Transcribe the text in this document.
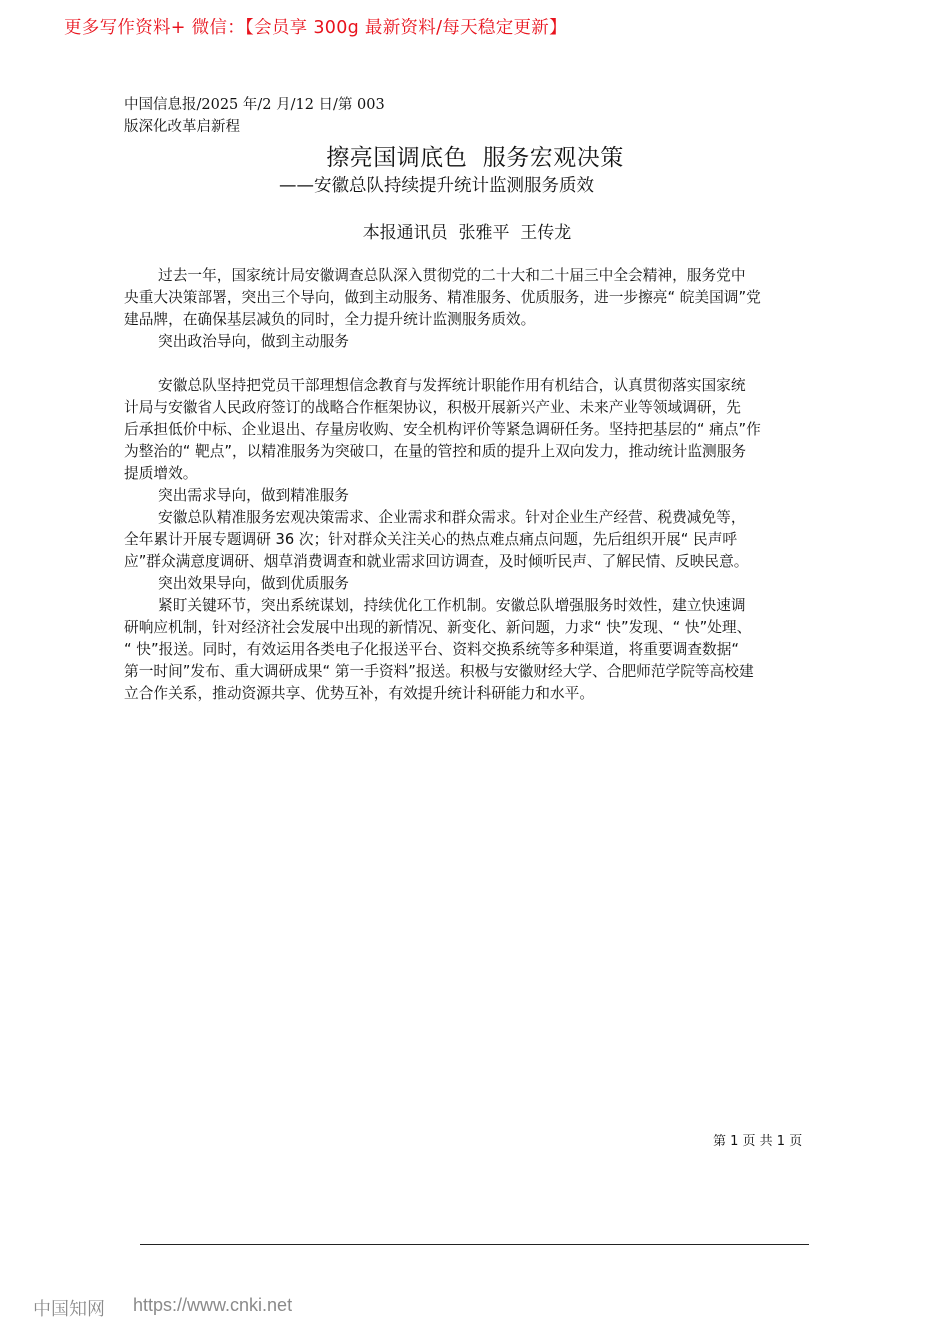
更多写作资料+ 微信：【会员享 300g 最新资料/每天稳定更新】
中国信息报/2025 年/2 月/12 日/第 003
版深化改革启新程
擦亮国调底色  服务宏观决策
——安徽总队持续提升统计监测服务质效
本报通讯员  张雅平  王传龙
过去一年，国家统计局安徽调查总队深入贯彻党的二十大和二十届三中全会精神，服务党中
央重大决策部署，突出三个导向，做到主动服务、精准服务、优质服务，进一步擦亮“ 皖美国调”党
建品牌，在确保基层减负的同时，全力提升统计监测服务质效。
突出政治导向，做到主动服务
安徽总队坚持把党员干部理想信念教育与发挥统计职能作用有机结合，认真贯彻落实国家统
计局与安徽省人民政府签订的战略合作框架协议，积极开展新兴产业、未来产业等领域调研，先
后承担低价中标、企业退出、存量房收购、安全机构评价等紧急调研任务。坚持把基层的“ 痛点”作
为整治的“ 靶点”，以精准服务为突破口，在量的管控和质的提升上双向发力，推动统计监测服务
提质增效。
突出需求导向，做到精准服务
安徽总队精准服务宏观决策需求、企业需求和群众需求。针对企业生产经营、税费减免等，
全年累计开展专题调研 36 次；针对群众关注关心的热点难点痛点问题，先后组织开展“ 民声呼
应”群众满意度调研、烟草消费调查和就业需求回访调查，及时倾听民声、了解民情、反映民意。
突出效果导向，做到优质服务
紧盯关键环节，突出系统谋划，持续优化工作机制。安徽总队增强服务时效性，建立快速调
研响应机制，针对经济社会发展中出现的新情况、新变化、新问题，力求“ 快”发现、“ 快”处理、
“ 快”报送。同时，有效运用各类电子化报送平台、资料交换系统等多种渠道，将重要调查数据“
第一时间”发布、重大调研成果“ 第一手资料”报送。积极与安徽财经大学、合肥师范学院等高校建
立合作关系，推动资源共享、优势互补，有效提升统计科研能力和水平。
第 1 页 共 1 页
中国知网 https://www.cnki.net
